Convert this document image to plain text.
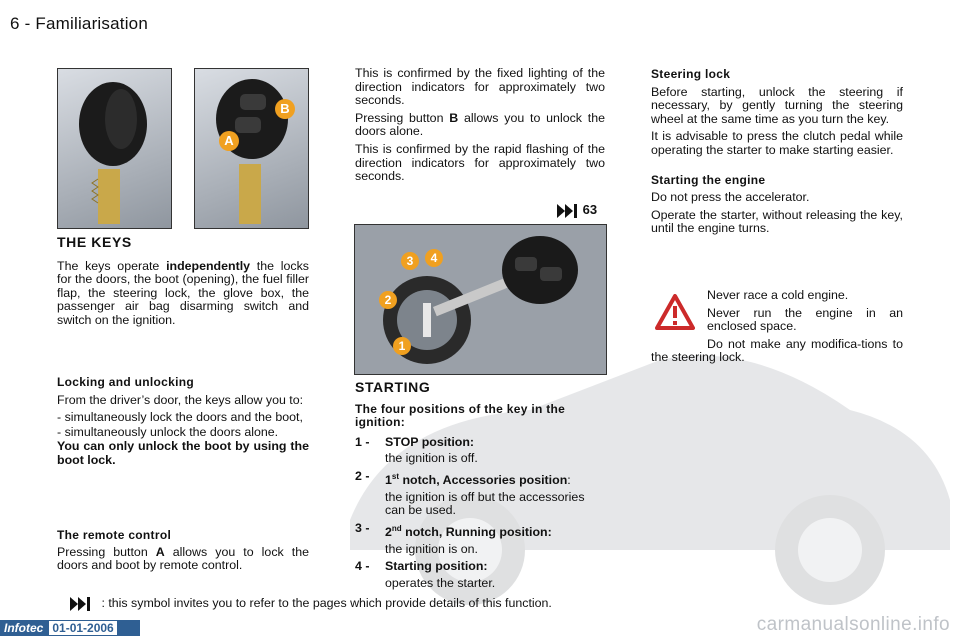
6 - Familiarisation
B
A
THE KEYS

The keys operate independently the locks for the doors, the boot (opening), the fuel filler flap, the steering lock, the glove box, the passenger air bag disarming switch and switch on the ignition.

Locking and unlocking

From the driver’s door, the keys allow you to:

- simultaneously lock the doors and the boot,

- simultaneously unlock the doors alone.

You can only unlock the boot by using the boot lock.

The remote control

Pressing button A allows you to lock the doors and boot by remote control.

This is confirmed by the fixed lighting of the direction indicators for approximately two seconds.

Pressing button B allows you to unlock the doors alone.

This is confirmed by the rapid flashing of the direction indicators for approximately two seconds.

63
1
2
3	4
STARTING
The four positions of the key in the ignition:
1 -	STOP position:
the ignition is off.
2 -	1st notch, Accessories position:
the ignition is off but the accessories can be used.
3 -	2nd notch, Running position:
the ignition is on.
4 -	Starting position:
operates the starter.
Steering lock

Before starting, unlock the steering if necessary, by gently turning the steering wheel at the same time as you turn the key.

It is advisable to press the clutch pedal while operating the starter to make starting easier.

Starting the engine

Do not press the accelerator.

Operate the starter, without releasing the key, until the engine turns.

Never race a cold engine.

Never run the engine in an enclosed space.

Do not make any modifica-tions to the steering lock.

: this symbol invites you to refer to the pages which provide details of this function.
Infotec 01-01-2006	carmanualsonline.info
